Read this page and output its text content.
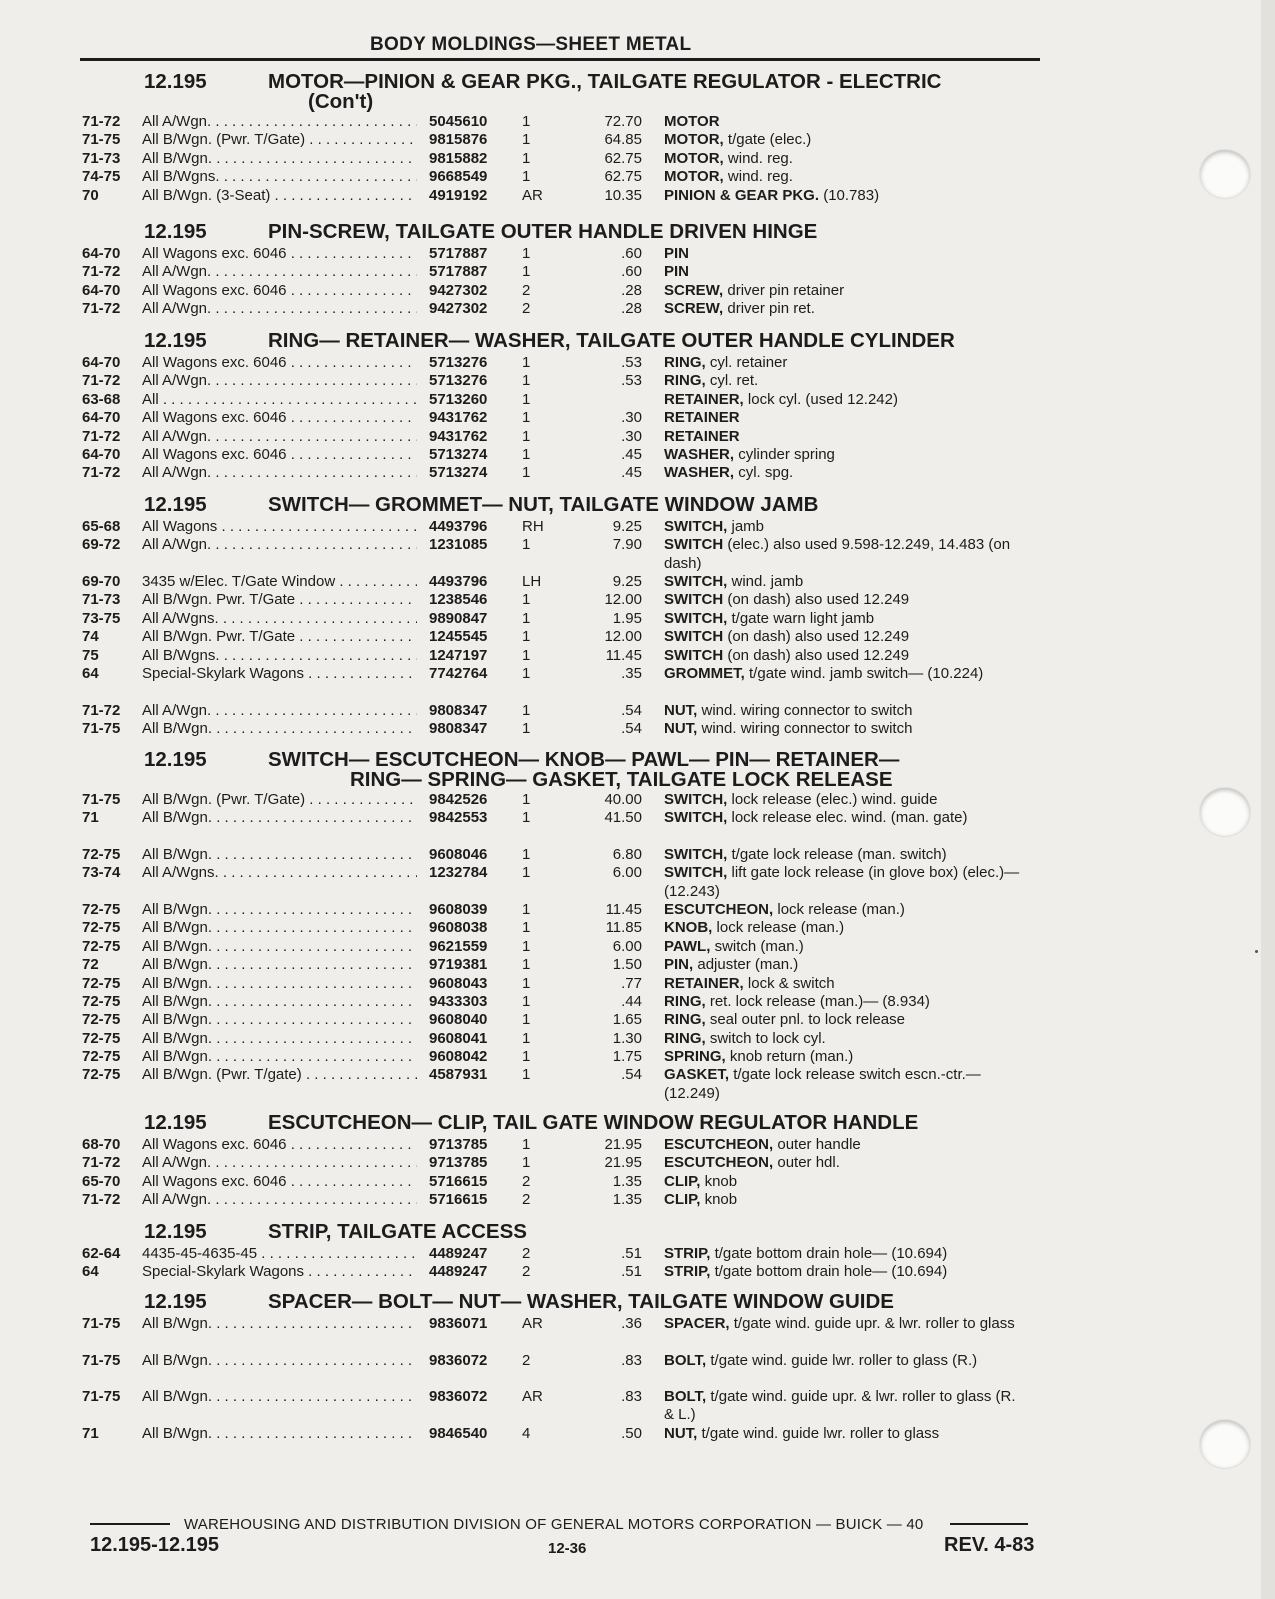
BODY MOLDINGS—SHEET METAL
12.195	MOTOR—PINION & GEAR PKG., TAILGATE REGULATOR - ELECTRIC
(Con't)
71-72 All A/Wgn. . . .	5045610 1	72.70 MOTOR
71-75 All B/Wgn. (Pwr. T/Gate) . . .	9815876 1	64.85 MOTOR, t/gate (elec.)
71-73 All B/Wgn. . . .	9815882 1	62.75 MOTOR, wind. reg.
74-75 All B/Wgns. . . .	9668549 1	62.75 MOTOR, wind. reg.
70	All B/Wgn. (3-Seat) . . .	4919192 AR	10.35 PINION & GEAR PKG. (10.783)
12.195	PIN-SCREW, TAILGATE OUTER HANDLE DRIVEN HINGE
64-70 All Wagons exc. 6046 . . .	5717887 1	.60 PIN
71-72 All A/Wgn. . . .	5717887 1	.60 PIN
64-70 All Wagons exc. 6046 . . .	9427302 2	.28 SCREW, driver pin retainer
71-72 All A/Wgn. . . .	9427302 2	.28 SCREW, driver pin ret.
12.195	RING— RETAINER— WASHER, TAILGATE OUTER HANDLE CYLINDER
64-70 All Wagons exc. 6046 . . .	5713276 1	.53 RING, cyl. retainer
71-72 All A/Wgn. . . .	5713276 1	.53 RING, cyl. ret.
63-68 All . . .	5713260 1	RETAINER, lock cyl. (used 12.242)
64-70 All Wagons exc. 6046 . . .	9431762 1	.30 RETAINER
71-72 All A/Wgn. . . .	9431762 1	.30 RETAINER
64-70 All Wagons exc. 6046 . . .	5713274 1	.45 WASHER, cylinder spring
71-72 All A/Wgn. . . .	5713274 1	.45 WASHER, cyl. spg.
12.195	SWITCH— GROMMET— NUT, TAILGATE WINDOW JAMB
65-68 All Wagons . . .	4493796 RH	9.25 SWITCH, jamb
69-72 All A/Wgn. . . .	1231085 1	7.90 SWITCH (elec.) also used 9.598-12.249, 14.483 (on dash)
69-70 3435 w/Elec. T/Gate Window . . .	4493796 LH	9.25 SWITCH, wind. jamb
71-73 All B/Wgn. Pwr. T/Gate . . .	1238546 1	12.00 SWITCH (on dash) also used 12.249
73-75 All A/Wgns. . . .	9890847 1	1.95 SWITCH, t/gate warn light jamb
74	All B/Wgn. Pwr. T/Gate . . .	1245545 1	12.00 SWITCH (on dash) also used 12.249
75	All B/Wgns. . . .	1247197 1	11.45 SWITCH (on dash) also used 12.249
64	Special-Skylark Wagons . . .	7742764 1	.35 GROMMET, t/gate wind. jamb switch— (10.224)
71-72 All A/Wgn. . . .	9808347 1	.54 NUT, wind. wiring connector to switch
71-75 All B/Wgn. . . .	9808347 1	.54 NUT, wind. wiring connector to switch
12.195	SWITCH— ESCUTCHEON— KNOB— PAWL— PIN— RETAINER—
RING— SPRING— GASKET, TAILGATE LOCK RELEASE
71-75 All B/Wgn. (Pwr. T/Gate) . . .	9842526 1	40.00 SWITCH, lock release (elec.) wind. guide
71	All B/Wgn. . . .	9842553 1	41.50 SWITCH, lock release elec. wind. (man. gate)
72-75 All B/Wgn. . . .	9608046 1	6.80 SWITCH, t/gate lock release (man. switch)
73-74 All A/Wgns. . . .	1232784 1	6.00 SWITCH, lift gate lock release (in glove box) (elec.)— (12.243)
72-75 All B/Wgn. . . .	9608039 1	11.45 ESCUTCHEON, lock release (man.)
72-75 All B/Wgn. . . .	9608038 1	11.85 KNOB, lock release (man.)
72-75 All B/Wgn. . . .	9621559 1	6.00 PAWL, switch (man.)
72	All B/Wgn. . . .	9719381 1	1.50 PIN, adjuster (man.)
72-75 All B/Wgn. . . .	9608043 1	.77 RETAINER, lock & switch
72-75 All B/Wgn. . . .	9433303 1	.44 RING, ret. lock release (man.)— (8.934)
72-75 All B/Wgn. . . .	9608040 1	1.65 RING, seal outer pnl. to lock release
72-75 All B/Wgn. . . .	9608041 1	1.30 RING, switch to lock cyl.
72-75 All B/Wgn. . . .	9608042 1	1.75 SPRING, knob return (man.)
72-75 All B/Wgn. (Pwr. T/gate) . . .	4587931 1	.54 GASKET, t/gate lock release switch escn.-ctr.— (12.249)
12.195	ESCUTCHEON— CLIP, TAIL GATE WINDOW REGULATOR HANDLE
68-70 All Wagons exc. 6046 . . .	9713785 1	21.95 ESCUTCHEON, outer handle
71-72 All A/Wgn. . . .	9713785 1	21.95 ESCUTCHEON, outer hdl.
65-70 All Wagons exc. 6046 . . .	5716615 2	1.35 CLIP, knob
71-72 All A/Wgn. . . .	5716615 2	1.35 CLIP, knob
12.195	STRIP, TAILGATE ACCESS
62-64 4435-45-4635-45 . . .	4489247 2	.51 STRIP, t/gate bottom drain hole— (10.694)
64	Special-Skylark Wagons . . .	4489247 2	.51 STRIP, t/gate bottom drain hole— (10.694)
12.195	SPACER— BOLT— NUT— WASHER, TAILGATE WINDOW GUIDE
71-75 All B/Wgn. . . .	9836071 AR	.36 SPACER, t/gate wind. guide upr. & lwr. roller to glass
71-75 All B/Wgn. . . .	9836072 2	.83 BOLT, t/gate wind. guide lwr. roller to glass (R.)
71-75 All B/Wgn. . . .	9836072 AR	.83 BOLT, t/gate wind. guide upr. & lwr. roller to glass (R. & L.)
71	All B/Wgn. . . .	9846540 4	.50 NUT, t/gate wind. guide lwr. roller to glass
WAREHOUSING AND DISTRIBUTION DIVISION OF GENERAL MOTORS CORPORATION — BUICK — 40
12.195-12.195	12-36	REV. 4-83
